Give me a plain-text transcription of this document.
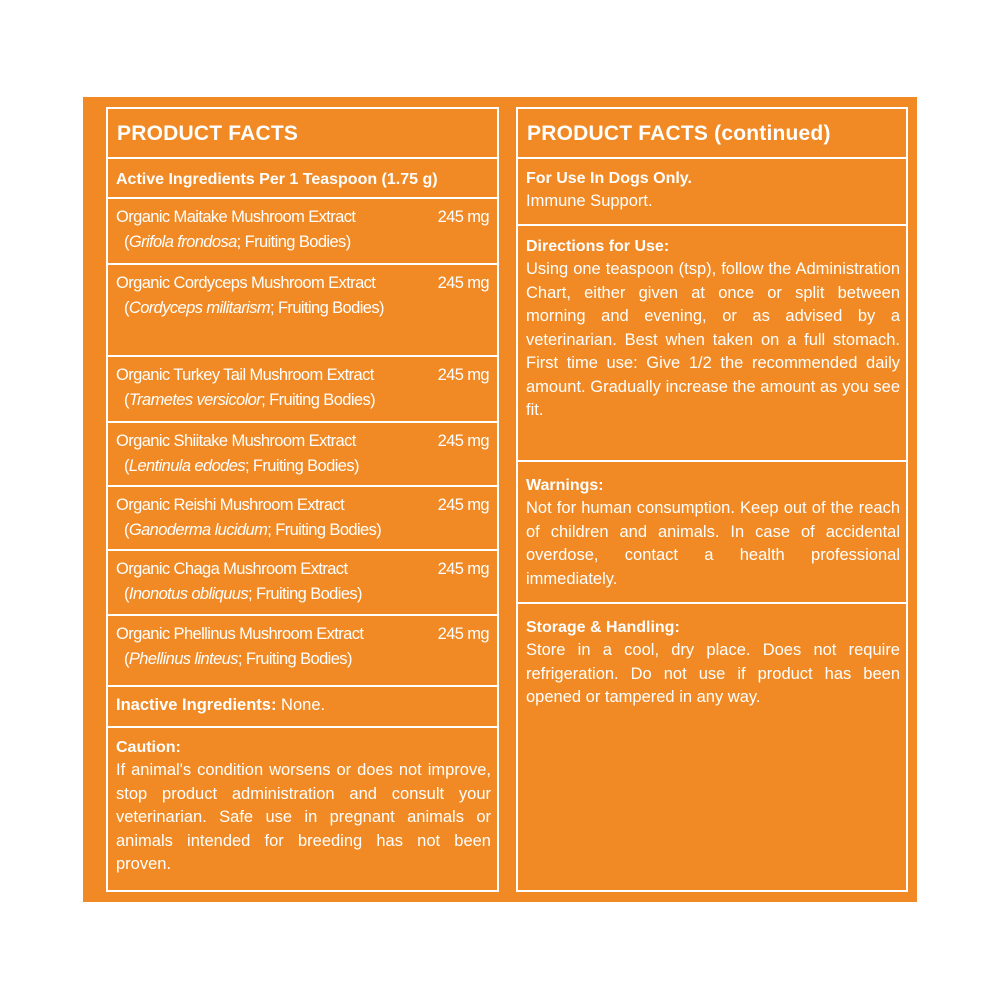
PRODUCT FACTS
Active Ingredients Per 1 Teaspoon (1.75 g)
Organic Maitake Mushroom Extract
(Grifola frondosa; Fruiting Bodies)
245 mg
Organic Cordyceps Mushroom Extract
(Cordyceps militarism; Fruiting Bodies)
245 mg
Organic Turkey Tail Mushroom Extract
(Trametes versicolor; Fruiting Bodies)
245 mg
Organic Shiitake Mushroom Extract
(Lentinula edodes; Fruiting Bodies)
245 mg
Organic Reishi Mushroom Extract
(Ganoderma lucidum; Fruiting Bodies)
245 mg
Organic Chaga Mushroom Extract
(Inonotus obliquus; Fruiting Bodies)
245 mg
Organic Phellinus Mushroom Extract
(Phellinus linteus; Fruiting Bodies)
245 mg
Inactive Ingredients: None.
Caution:
If animal's condition worsens or does not improve, stop product administration and consult your veterinarian. Safe use in pregnant animals or animals intended for breeding has not been proven.
PRODUCT FACTS (continued)
For Use In Dogs Only.
Immune Support.
Directions for Use:
Using one teaspoon (tsp), follow the Administration Chart, either given at once or split between morning and evening, or as advised by a veterinarian. Best when taken on a full stomach. First time use: Give 1/2 the recommended daily amount. Gradually increase the amount as you see fit.
Warnings:
Not for human consumption. Keep out of the reach of children and animals. In case of accidental overdose, contact a health professional immediately.
Storage & Handling:
Store in a cool, dry place. Does not require refrigeration. Do not use if product has been opened or tampered in any way.
